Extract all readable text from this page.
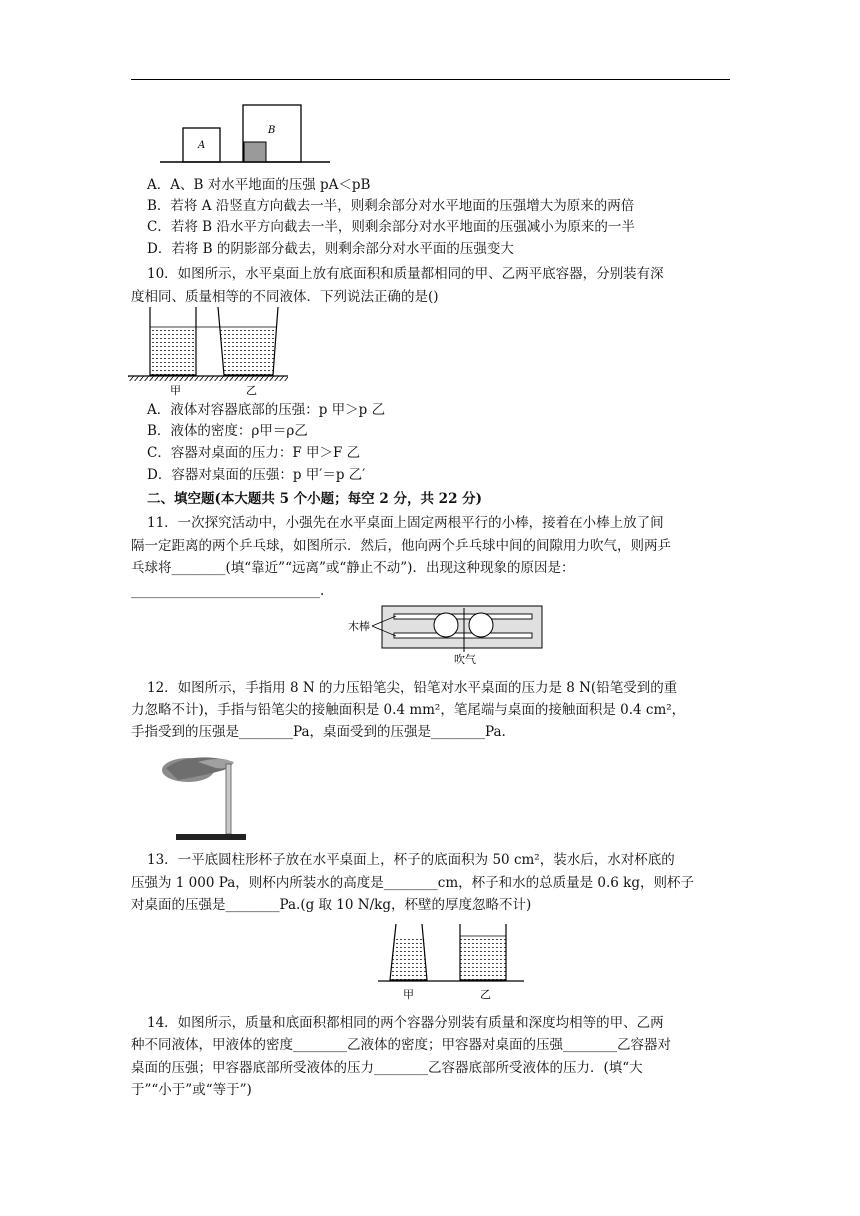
A
B
A．A、B 对水平地面的压强 pA＜pB
B．若将 A 沿竖直方向截去一半，则剩余部分对水平地面的压强增大为原来的两倍
C．若将 B 沿水平方向截去一半，则剩余部分对水平地面的压强减小为原来的一半
D．若将 B 的阴影部分截去，则剩余部分对水平面的压强变大
10．如图所示，水平桌面上放有底面积和质量都相同的甲、乙两平底容器，分别装有深
度相同、质量相等的不同液体．下列说法正确的是()
甲	乙
A．液体对容器底部的压强：p 甲＞p 乙
B．液体的密度：ρ甲＝ρ乙
C．容器对桌面的压力：F 甲＞F 乙
D．容器对桌面的压强：p 甲′＝p 乙′
二、填空题(本大题共 5 个小题；每空 2 分，共 22 分)
11．一次探究活动中，小强先在水平桌面上固定两根平行的小棒，接着在小棒上放了间
隔一定距离的两个乒乓球，如图所示．然后，他向两个乒乓球中间的间隙用力吹气，则两乒
乓球将________(填“靠近”“远离”或“静止不动”)．出现这种现象的原因是：
____________________________.
木棒
吹气
12．如图所示，手指用 8 N 的力压铅笔尖，铅笔对水平桌面的压力是 8 N(铅笔受到的重
力忽略不计)，手指与铅笔尖的接触面积是 0.4 mm²，笔尾端与桌面的接触面积是 0.4 cm²，
手指受到的压强是________Pa，桌面受到的压强是________Pa.
13．一平底圆柱形杯子放在水平桌面上，杯子的底面积为 50 cm²，装水后，水对杯底的
压强为 1 000 Pa，则杯内所装水的高度是________cm，杯子和水的总质量是 0.6 kg，则杯子
对桌面的压强是________Pa.(g 取 10 N/kg，杯壁的厚度忽略不计)
甲	乙
14．如图所示，质量和底面积都相同的两个容器分别装有质量和深度均相等的甲、乙两
种不同液体，甲液体的密度________乙液体的密度；甲容器对桌面的压强________乙容器对
桌面的压强；甲容器底部所受液体的压力________乙容器底部所受液体的压力．(填“大
于”“小于”或“等于”)
